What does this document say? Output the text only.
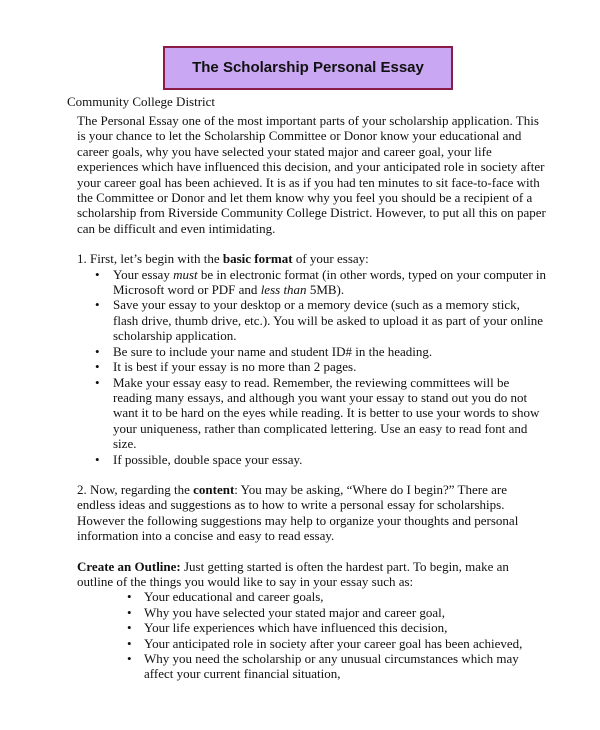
The Scholarship Personal Essay
Community College District

The Personal Essay one of the most important parts of your scholarship application. This is your chance to let the Scholarship Committee or Donor know your educational and career goals, why you have selected your stated major and career goal, your life experiences which have influenced this decision, and your anticipated role in society after your career goal has been achieved. It is as if you had ten minutes to sit face-to-face with the Committee or Donor and let them know why you feel you should be a recipient of a scholarship from Riverside Community College District. However, to put all this on paper can be difficult and even intimidating.

1. First, let’s begin with the basic format of your essay:

• Your essay must be in electronic format (in other words, typed on your computer in Microsoft word or PDF and less than 5MB).
• Save your essay to your desktop or a memory device (such as a memory stick, flash drive, thumb drive, etc.). You will be asked to upload it as part of your online scholarship application.
• Be sure to include your name and student ID# in the heading.
• It is best if your essay is no more than 2 pages.
• Make your essay easy to read. Remember, the reviewing committees will be reading many essays, and although you want your essay to stand out you do not want it to be hard on the eyes while reading. It is better to use your words to show your uniqueness, rather than complicated lettering. Use an easy to read font and size.
• If possible, double space your essay.

2. Now, regarding the content: You may be asking, “Where do I begin?” There are endless ideas and suggestions as to how to write a personal essay for scholarships. However the following suggestions may help to organize your thoughts and personal information into a concise and easy to read essay.

Create an Outline: Just getting started is often the hardest part. To begin, make an outline of the things you would like to say in your essay such as:

• Your educational and career goals,
• Why you have selected your stated major and career goal,
• Your life experiences which have influenced this decision,
• Your anticipated role in society after your career goal has been achieved,
• Why you need the scholarship or any unusual circumstances which may affect your current financial situation,
